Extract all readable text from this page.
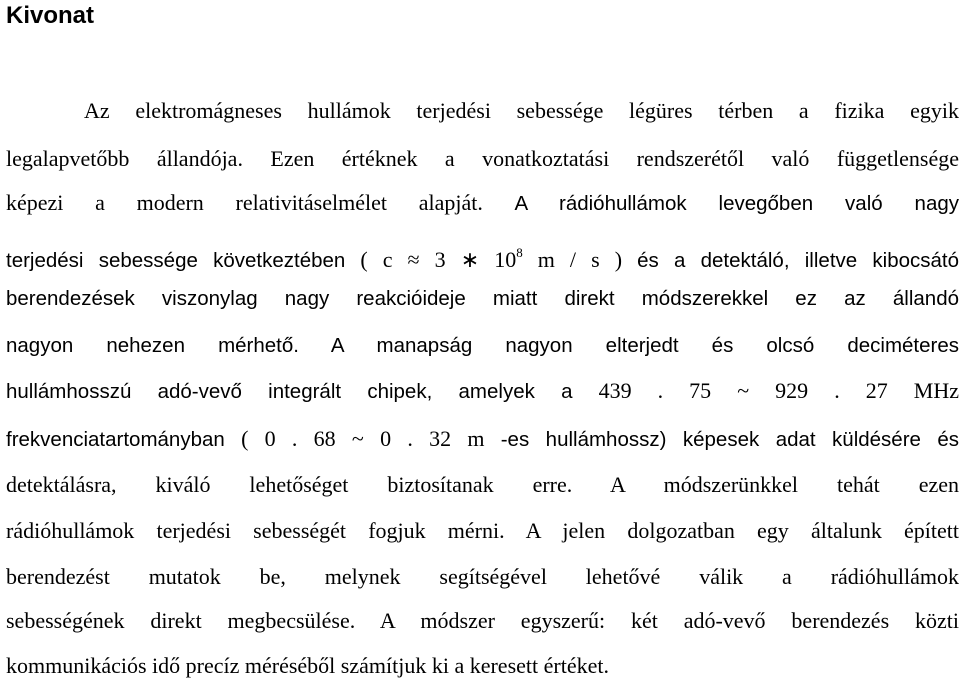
Kivonat
Az elektromágneses hullámok terjedési sebessége légüres térben a fizika egyik
legalapvetőbb állandója. Ezen értéknek a vonatkoztatási rendszerétől való függetlensége
képezi a modern relativitáselmélet alapját. A rádióhullámok levegőben való nagy
terjedési sebessége következtében ( c ≈ 3 ∗ $10^8$ m / s ) és a detektáló, illetve kibocsátó
berendezések viszonylag nagy reakcióideje miatt direkt módszerekkel ez az állandó
nagyon nehezen mérhető. A manapság nagyon elterjedt és olcsó deciméteres
hullámhosszú adó-vevő integrált chipek, amelyek a 439 . 75 ~ 929 . 27 MHz
frekvenciatartományban ( 0 . 68 ~ 0 . 32 m -es hullámhossz) képesek adat küldésére és
detektálásra, kiváló lehetőséget biztosítanak erre. A módszerünkkel tehát ezen
rádióhullámok terjedési sebességét fogjuk mérni. A jelen dolgozatban egy általunk épített
berendezést mutatok be, melynek segítségével lehetővé válik a rádióhullámok
sebességének direkt megbecsülése. A módszer egyszerű: két adó-vevő berendezés közti
kommunikációs idő precíz méréséből számítjuk ki a keresett értéket.
